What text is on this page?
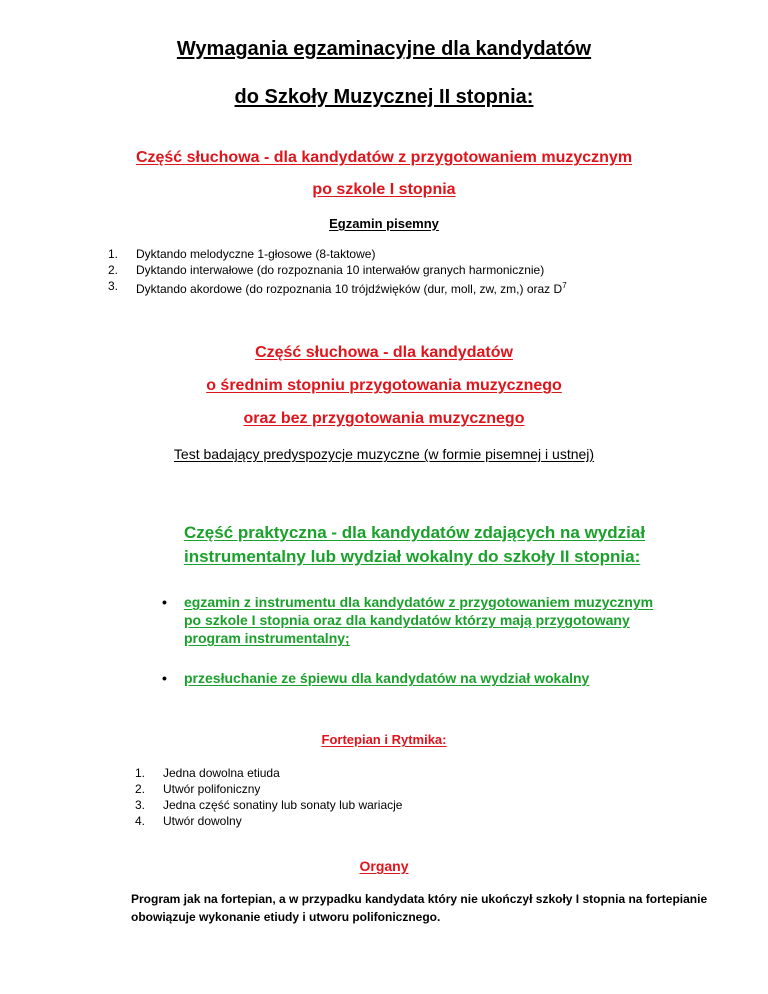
Wymagania egzaminacyjne dla kandydatów
do Szkoły Muzycznej II stopnia:
Część słuchowa - dla kandydatów z przygotowaniem muzycznym
po szkole I stopnia
Egzamin pisemny
1.	Dyktando melodyczne 1-głosowe (8-taktowe)
2.	Dyktando interwałowe (do rozpoznania 10 interwałów granych harmonicznie)
3.	Dyktando akordowe (do rozpoznania 10 trójdźwięków (dur, moll, zw, zm,) oraz $D^7$
Część słuchowa - dla kandydatów
o średnim stopniu przygotowania muzycznego
oraz bez przygotowania muzycznego
Test badający predyspozycje muzyczne (w formie pisemnej i ustnej)
Część praktyczna - dla kandydatów zdających na wydział
instrumentalny lub wydział wokalny do szkoły II stopnia:
• egzamin z instrumentu dla kandydatów z przygotowaniem muzycznym po szkole I stopnia oraz dla kandydatów którzy mają przygotowany program instrumentalny;
• przesłuchanie ze śpiewu dla kandydatów na wydział wokalny
Fortepian i Rytmika:
1.	Jedna dowolna etiuda
2.	Utwór polifoniczny
3.	Jedna część sonatiny lub sonaty lub wariacje
4.	Utwór dowolny
Organy
Program jak na fortepian, a w przypadku kandydata który nie ukończył szkoły I stopnia na fortepianie obowiązuje wykonanie etiudy i utworu polifonicznego.
